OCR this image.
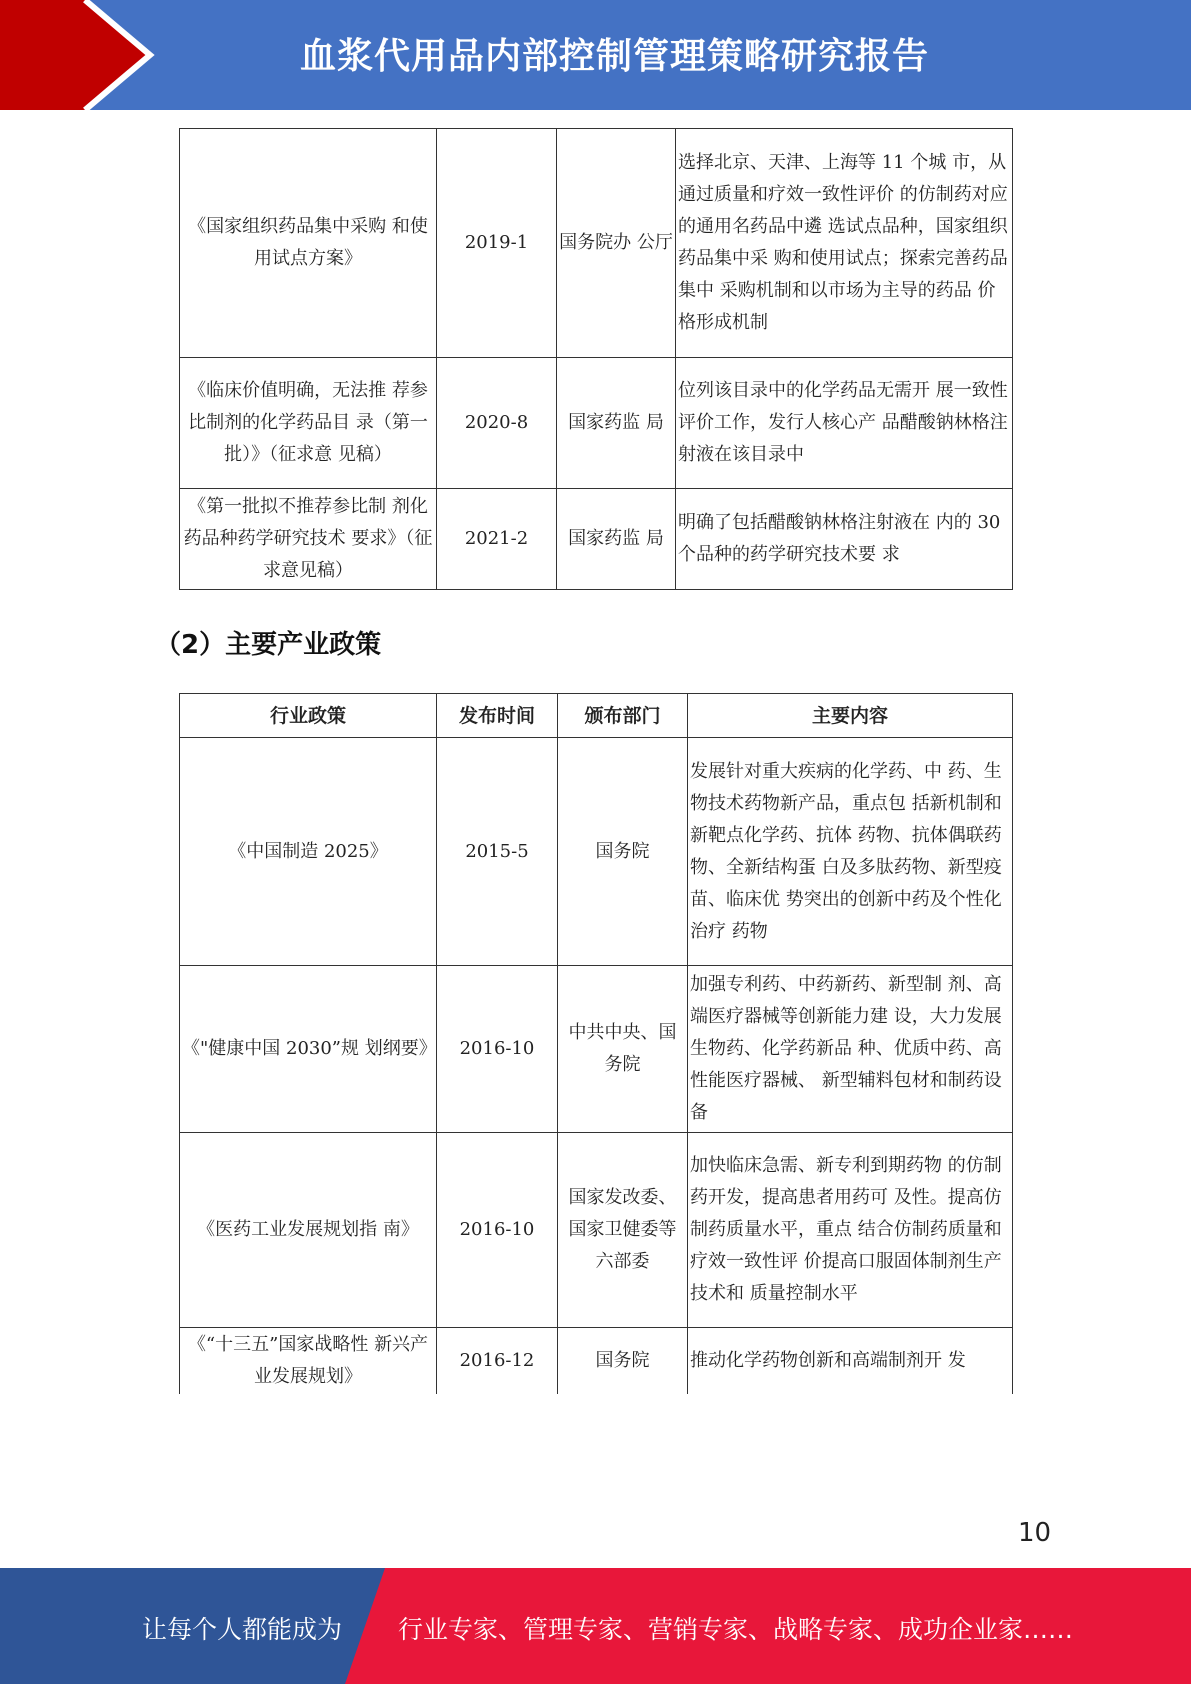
血浆代用品内部控制管理策略研究报告
《国家组织药品集中采购 和使用试点方案》	2019-1	国务院办 公厅	选择北京、天津、上海等 11 个城 市，从通过质量和疗效一致性评价 的仿制药对应的通用名药品中遴 选试点品种，国家组织药品集中采 购和使用试点；探索完善药品集中 采购机制和以市场为主导的药品 价格形成机制
《临床价值明确，无法推 荐参比制剂的化学药品目 录（第一批）》（征求意 见稿）	2020-8	国家药监 局	位列该目录中的化学药品无需开 展一致性评价工作，发行人核心产 品醋酸钠林格注射液在该目录中
《第一批拟不推荐参比制 剂化药品种药学研究技术 要求》（征求意见稿）	2021-2	国家药监 局	明确了包括醋酸钠林格注射液在 内的 30 个品种的药学研究技术要 求
（2）主要产业政策
行业政策	发布时间	颁布部门	主要内容
《中国制造 2025》	2015-5	国务院	发展针对重大疾病的化学药、中 药、生物技术药物新产品，重点包 括新机制和新靶点化学药、抗体 药物、抗体偶联药物、全新结构蛋 白及多肽药物、新型疫苗、临床优 势突出的创新中药及个性化治疗 药物
《"健康中国 2030”规 划纲要》	2016-10	中共中央、国务院	加强专利药、中药新药、新型制 剂、高端医疗器械等创新能力建 设，大力发展生物药、化学药新品 种、优质中药、高性能医疗器械、 新型辅料包材和制药设备
《医药工业发展规划指 南》	2016-10	国家发改委、国家卫健委等六部委	加快临床急需、新专利到期药物 的仿制药开发，提高患者用药可 及性。提高仿制药质量水平，重点 结合仿制药质量和疗效一致性评 价提高口服固体制剂生产技术和 质量控制水平
《“十三五”国家战略性 新兴产业发展规划》	2016-12	国务院	推动化学药物创新和高端制剂开 发
10
让每个人都能成为 行业专家、管理专家、营销专家、战略专家、成功企业家……
